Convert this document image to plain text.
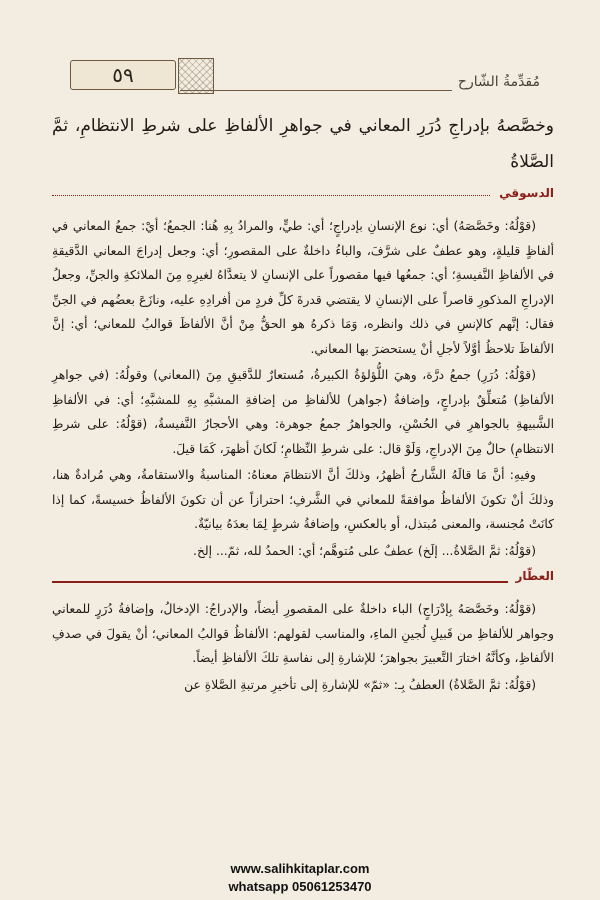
٥٩	مُقدِّمةُ الشّارح

وخصَّصهُ بإدراجِ دُرَرِ المعاني في جواهرِ الألفاظِ على شرطِ الانتظامِ، ثمَّ الصَّلاةُ

الدسوقي

(قوْلُهُ: وخَصَّصَهُ) أي: نوع الإنسانِ بإدراجٍ؛ أي: طيٍّ، والمرادُ بِهِ هُنا: الجمعُ؛ أيْ: جمعُ المعاني في ألفاظٍ قليلةٍ، وهو عطفٌ على شرَّفَ، والباءُ داخلةٌ على المقصورِ؛ أي: وجعل إدراجَ المعاني الدَّقيقةِ في الألفاظِ النَّفيسةِ؛ أي: جمعُها فيها مقصوراً على الإنسانِ لا يتعدَّاهُ لغيرِهِ مِنَ الملائكةِ والجنِّ، وجعلُ الإدراجِ المذكورِ قاصراً على الإنسانِ لا يقتضي قدرةَ كلِّ فردٍ من أفرادِهِ عليه، ونازَعَ بعضُهم في الجنِّ فقال: إنَّهم كالإنسِ في ذلك وانظره، وَمَا ذكرهُ هو الحقُّ مِنْ أنَّ الألفاظَ قوالبُ للمعاني؛ أي: إنَّ الألفاظَ تلاحظُ أوَّلاً لأجلِ أنْ يستحضرَ بها المعاني.

(قوْلُهُ: دُرَرِ) جمعُ درَّة، وهيَ اللُّؤلؤةُ الكبيرةُ، مُستعارٌ للدَّقيقِ مِنَ (المعاني) وقولُهُ: (في جواهرِ الألفاظِ) مُتعلِّقٌ بإدراجٍ، وإضافةُ (جواهر) للألفاظِ من إضافةِ المشبَّهِ بِهِ للمشبَّهِ؛ أي: في الألفاظِ الشَّبيهةِ بالجواهرِ في الحُسْنِ، والجواهرُ جمعُ جوهرة: وهي الأحجارُ النَّفيسةُ، (قوْلُهُ: على شرطِ الانتظامِ) حالٌ مِنَ الإدراجِ، وَلَوْ قال: على شرطِ النِّظامِ؛ لَكانَ أظهرَ، كَمَا قيلَ.

وفيهِ: أنَّ مَا قالَهُ الشَّارحُ أظهرُ، وذلكَ أنَّ الانتظامَ معناهُ: المناسبةُ والاستقامةُ، وهي مُرادةٌ هنا، وذلكَ أنْ تكونَ الألفاظُ موافقةً للمعاني في الشَّرفِ؛ احترازاً عن أن تكونَ الألفاظُ خسيسةً، كما إذا كانَتْ مُجنسة، والمعنى مُبتذل، أو بالعكسِ، وإضافةُ شرطٍ لِمَا بعدَهُ بيانيّةٌ.

(قوْلُهُ: ثمَّ الصَّلاةُ... إلَخ) عطفٌ على مُتوهَّم؛ أي: الحمدُ لله، ثمّ... إلخ.

العطّار

(قوْلُهُ: وخَصَّصَهُ بِإدْرَاجٍ) الباء داخلةٌ على المقصورِ أيضاً، والإدراجُ: الإدخالُ، وإضافةُ دُرَرٍ للمعاني وجواهر للألفاظِ من قَبيلِ لُجينِ الماءِ، والمناسب لقولهم: الألفاظُ قوالبُ المعاني؛ أنْ يقولَ في صدفِ الألفاظِ، وكأنَّهُ اختارَ التَّعبيرَ بجواهرَ؛ للإشارةِ إلى نفاسةِ تلكَ الألفاظِ أيضاً.

(قوْلُهُ: ثمَّ الصَّلاةُ) العطفُ بِـ: «ثمّ» للإشارةِ إلى تأخيرِ مرتبةِ الصَّلاةِ عن

www.salihkitaplar.com
whatsapp 05061253470
